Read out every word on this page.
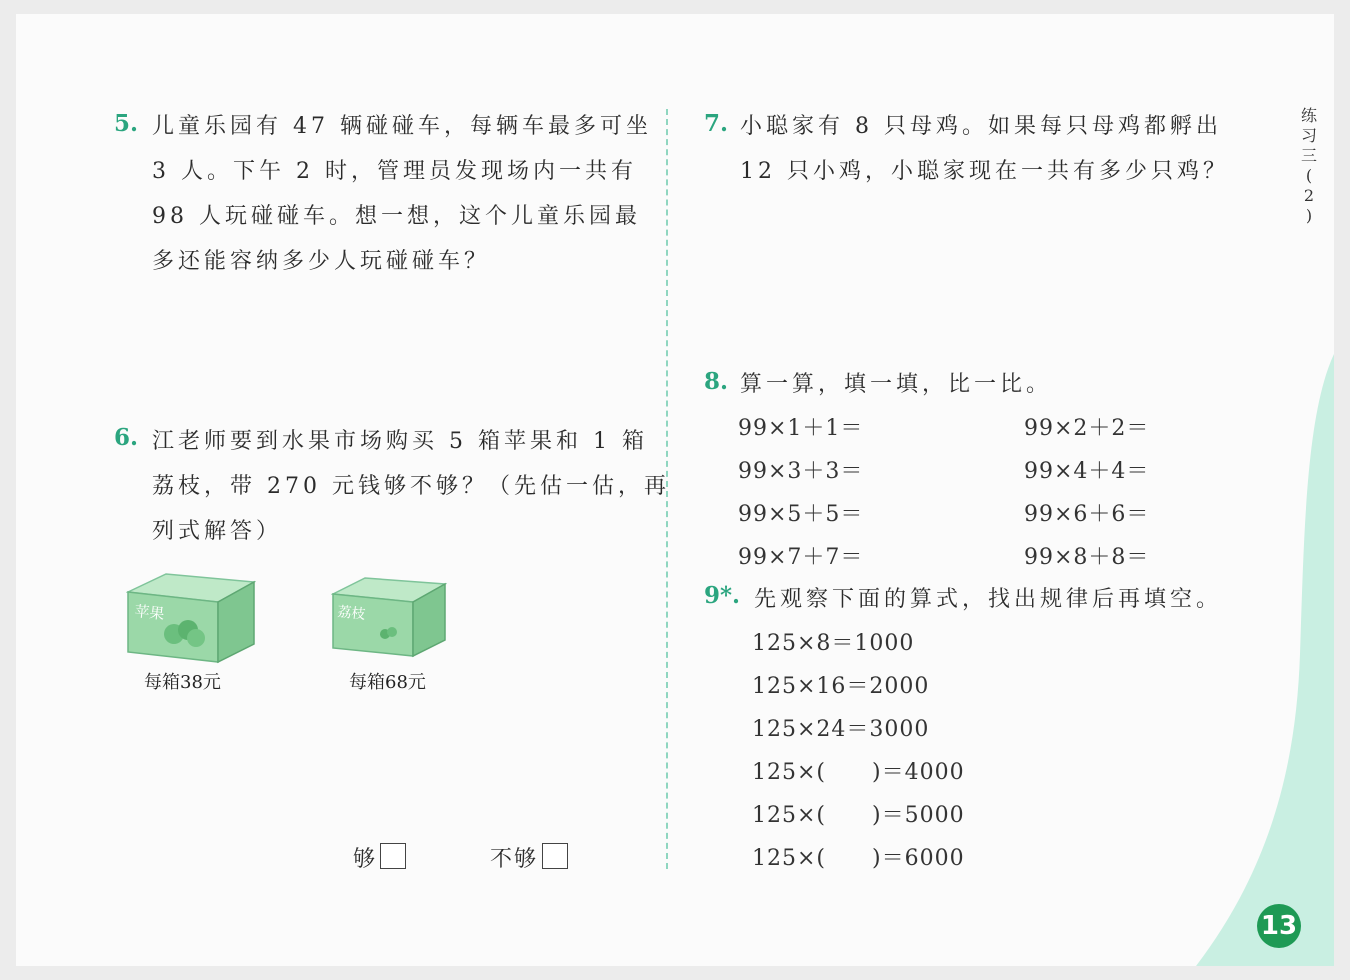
5. 儿童乐园有 47 辆碰碰车，每辆车最多可坐
3 人。下午 2 时，管理员发现场内一共有
98 人玩碰碰车。想一想，这个儿童乐园最
多还能容纳多少人玩碰碰车？
6. 江老师要到水果市场购买 5 箱苹果和 1 箱
荔枝，带 270 元钱够不够？（先估一估，再
列式解答）
苹果
每箱38元
荔枝
每箱68元
够	不够
7. 小聪家有 8 只母鸡。如果每只母鸡都孵出
12 只小鸡，小聪家现在一共有多少只鸡？
8. 算一算，填一填，比一比。
99×1＋1＝
99×3＋3＝
99×5＋5＝
99×7＋7＝
99×2＋2＝
99×4＋4＝
99×6＋6＝
99×8＋8＝
9*. 先观察下面的算式，找出规律后再填空。
125×8＝1000
125×16＝2000
125×24＝3000
125×(　　)＝4000
125×(　　)＝5000
125×(　　)＝6000
练
习
三
(
2
)
13
